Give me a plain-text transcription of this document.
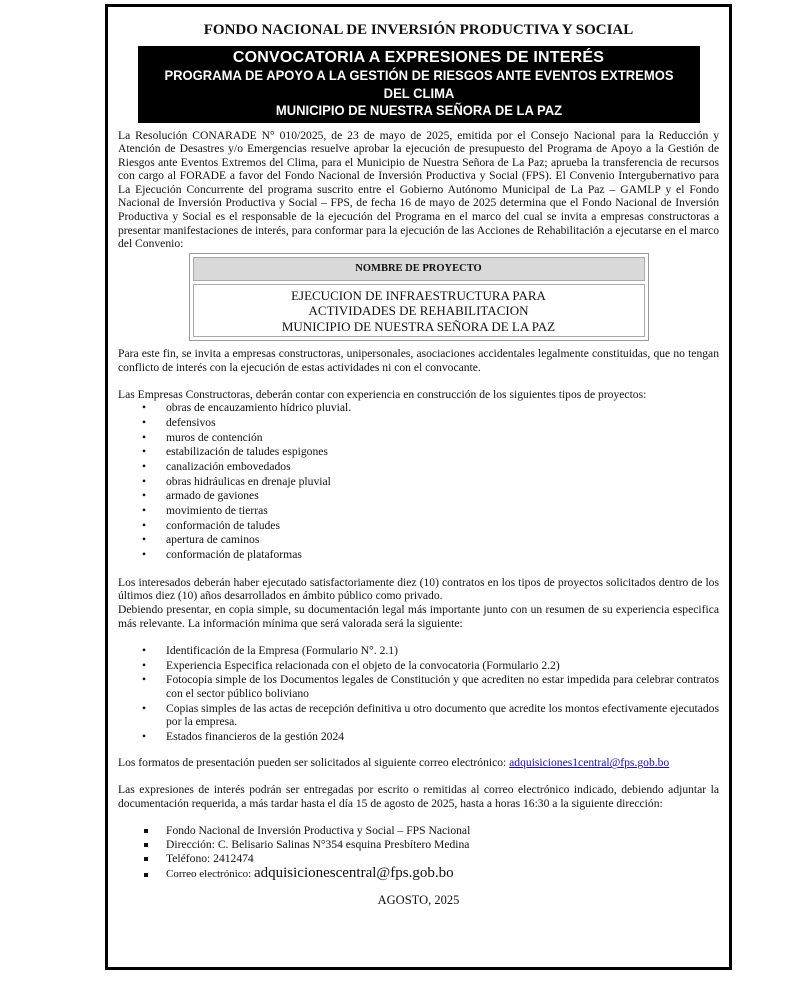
FONDO NACIONAL DE INVERSIÓN PRODUCTIVA Y SOCIAL
CONVOCATORIA A EXPRESIONES DE INTERÉS
PROGRAMA DE APOYO A LA GESTIÓN DE RIESGOS ANTE EVENTOS EXTREMOS DEL CLIMA
MUNICIPIO DE NUESTRA SEÑORA DE LA PAZ

La Resolución CONARADE N° 010/2025, de 23 de mayo de 2025, emitida por el Consejo Nacional para la Reducción y Atención de Desastres y/o Emergencias resuelve aprobar la ejecución de presupuesto del Programa de Apoyo a la Gestión de Riesgos ante Eventos Extremos del Clima, para el Municipio de Nuestra Señora de La Paz; aprueba la transferencia de recursos con cargo al FORADE a favor del Fondo Nacional de Inversión Productiva y Social (FPS). El Convenio Intergubernativo para La Ejecución Concurrente del programa suscrito entre el Gobierno Autónomo Municipal de La Paz – GAMLP y el Fondo Nacional de Inversión Productiva y Social – FPS, de fecha 16 de mayo de 2025 determina que el Fondo Nacional de Inversión Productiva y Social es el responsable de la ejecución del Programa en el marco del cual se invita a empresas constructoras a presentar manifestaciones de interés, para conformar para la ejecución de las Acciones de Rehabilitación a ejecutarse en el marco del Convenio:

NOMBRE DE PROYECTO
EJECUCION DE INFRAESTRUCTURA PARA
ACTIVIDADES DE REHABILITACION
MUNICIPIO DE NUESTRA SEÑORA DE LA PAZ

Para este fin, se invita a empresas constructoras, unipersonales, asociaciones accidentales legalmente constituidas, que no tengan conflicto de interés con la ejecución de estas actividades ni con el convocante.

Las Empresas Constructoras, deberán contar con experiencia en construcción de los siguientes tipos de proyectos:

• obras de encauzamiento hídrico pluvial.
• defensivos
• muros de contención
• estabilización de taludes espigones
• canalización embovedados
• obras hidráulicas en drenaje pluvial
• armado de gaviones
• movimiento de tierras
• conformación de taludes
• apertura de caminos
• conformación de plataformas

Los interesados deberán haber ejecutado satisfactoriamente diez (10) contratos en los tipos de proyectos solicitados dentro de los últimos diez (10) años desarrollados en ámbito público como privado.

Debiendo presentar, en copia simple, su documentación legal más importante junto con un resumen de su experiencia especifica más relevante. La información mínima que será valorada será la siguiente:

• Identificación de la Empresa (Formulario N°. 2.1)
• Experiencia Especifica relacionada con el objeto de la convocatoria (Formulario 2.2)
• Fotocopia simple de los Documentos legales de Constitución y que acrediten no estar impedida para celebrar contratos con el sector público boliviano
• Copias simples de las actas de recepción definitiva u otro documento que acredite los montos efectivamente ejecutados por la empresa.
• Estados financieros de la gestión 2024

Los formatos de presentación pueden ser solicitados al siguiente correo electrónico: adquisiciones1central@fps.gob.bo

Las expresiones de interés podrán ser entregadas por escrito o remitidas al correo electrónico indicado, debiendo adjuntar la documentación requerida, a más tardar hasta el día 15 de agosto de 2025, hasta a horas 16:30 a la siguiente dirección:

Fondo Nacional de Inversión Productiva y Social – FPS Nacional
Dirección: C. Belisario Salinas N°354 esquina Presbítero Medina
Teléfono: 2412474
Correo electrónico: adquisicionescentral@fps.gob.bo
AGOSTO, 2025
